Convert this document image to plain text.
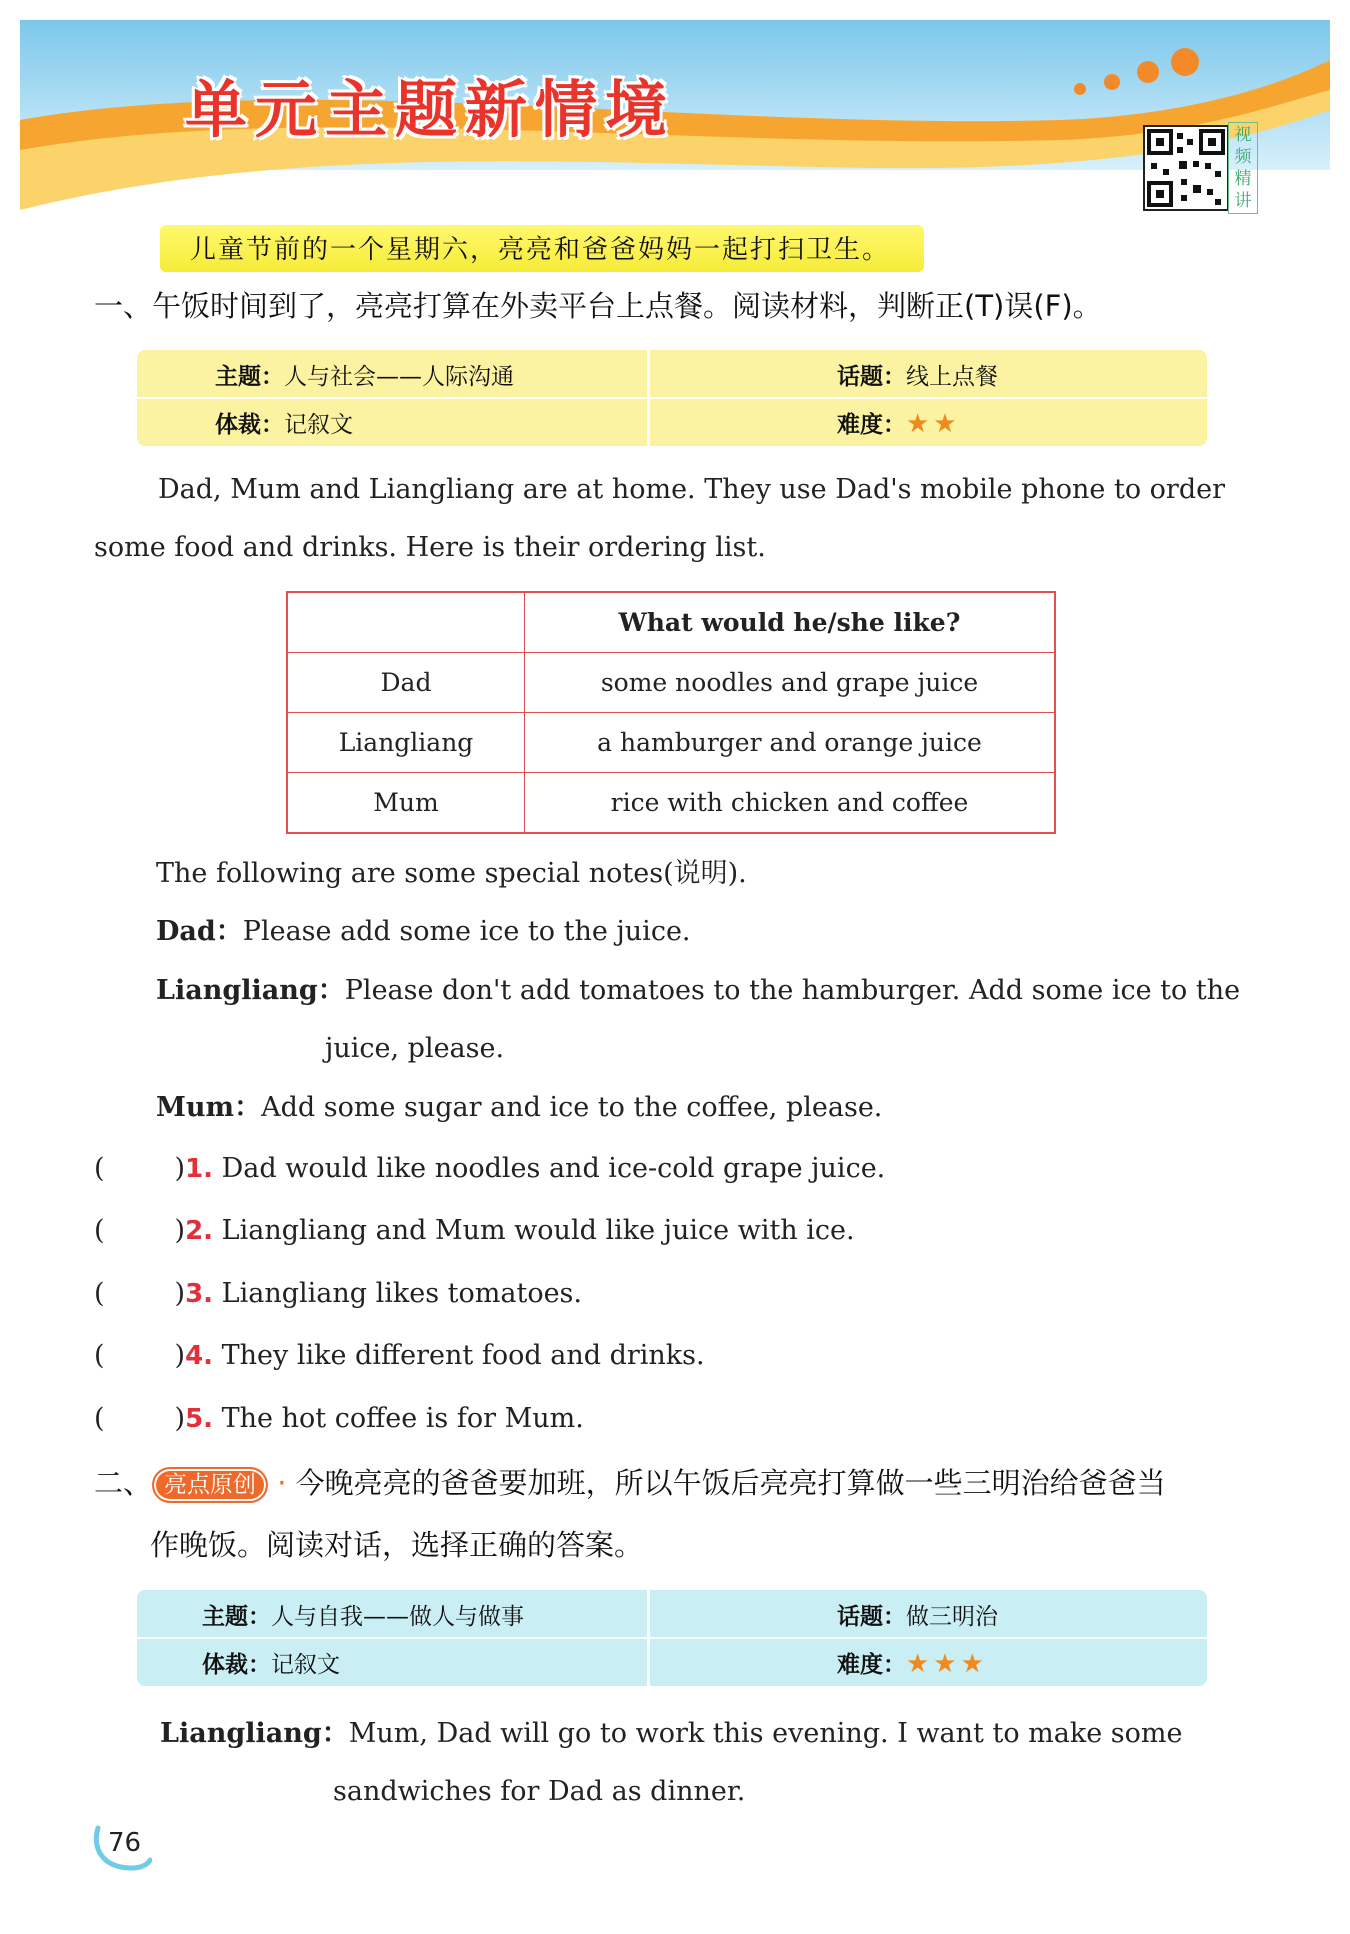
单元主题新情境	视频精讲
儿童节前的一个星期六，亮亮和爸爸妈妈一起打扫卫生。
一、午饭时间到了，亮亮打算在外卖平台上点餐。阅读材料，判断正(T)误(F)。
主题：人与社会——人际沟通	话题：线上点餐
体裁：记叙文	难度：★★
Dad, Mum and Liangliang are at home. They use Dad's mobile phone to order some food and drinks. Here is their ordering list.
	What would he/she like?
Dad	some noodles and grape juice
Liangliang	a hamburger and orange juice
Mum	rice with chicken and coffee
The following are some special notes(说明).
Dad：Please add some ice to the juice.
Liangliang：Please don't add tomatoes to the hamburger. Add some ice to the
juice, please.
Mum：Add some sugar and ice to the coffee, please.
(	)1. Dad would like noodles and ice-cold grape juice.
(	)2. Liangliang and Mum would like juice with ice.
(	)3. Liangliang likes tomatoes.
(	)4. They like different food and drinks.
(	)5. The hot coffee is for Mum.
二、 亮点原创 · 今晚亮亮的爸爸要加班，所以午饭后亮亮打算做一些三明治给爸爸当
作晚饭。阅读对话，选择正确的答案。
主题：人与自我——做人与做事	话题：做三明治
体裁：记叙文	难度：★★★
Liangliang：Mum, Dad will go to work this evening. I want to make some
sandwiches for Dad as dinner.
76
